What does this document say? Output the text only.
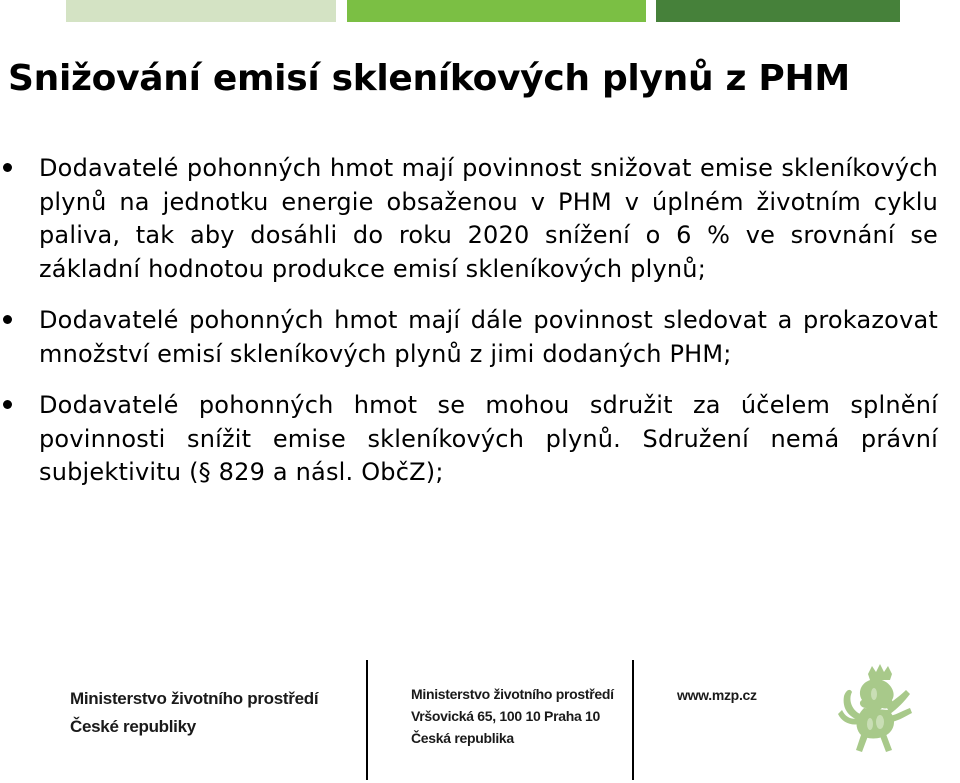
Snižování emisí skleníkových plynů z PHM
Dodavatelé pohonných hmot mají povinnost snižovat emise skleníkových plynů na jednotku energie obsaženou v PHM v úplném životním cyklu paliva, tak aby dosáhli do roku 2020 snížení o 6 % ve srovnání se základní hodnotou produkce emisí skleníkových plynů;
Dodavatelé pohonných hmot mají dále povinnost sledovat a prokazovat množství emisí skleníkových plynů z jimi dodaných PHM;
Dodavatelé pohonných hmot se mohou sdružit za účelem splnění povinnosti snížit emise skleníkových plynů. Sdružení nemá právní subjektivitu (§ 829 a násl. ObčZ);
Ministerstvo životního prostředí
České republiky
Ministerstvo životního prostředí
Vršovická 65, 100 10 Praha 10
Česká republika
www.mzp.cz
